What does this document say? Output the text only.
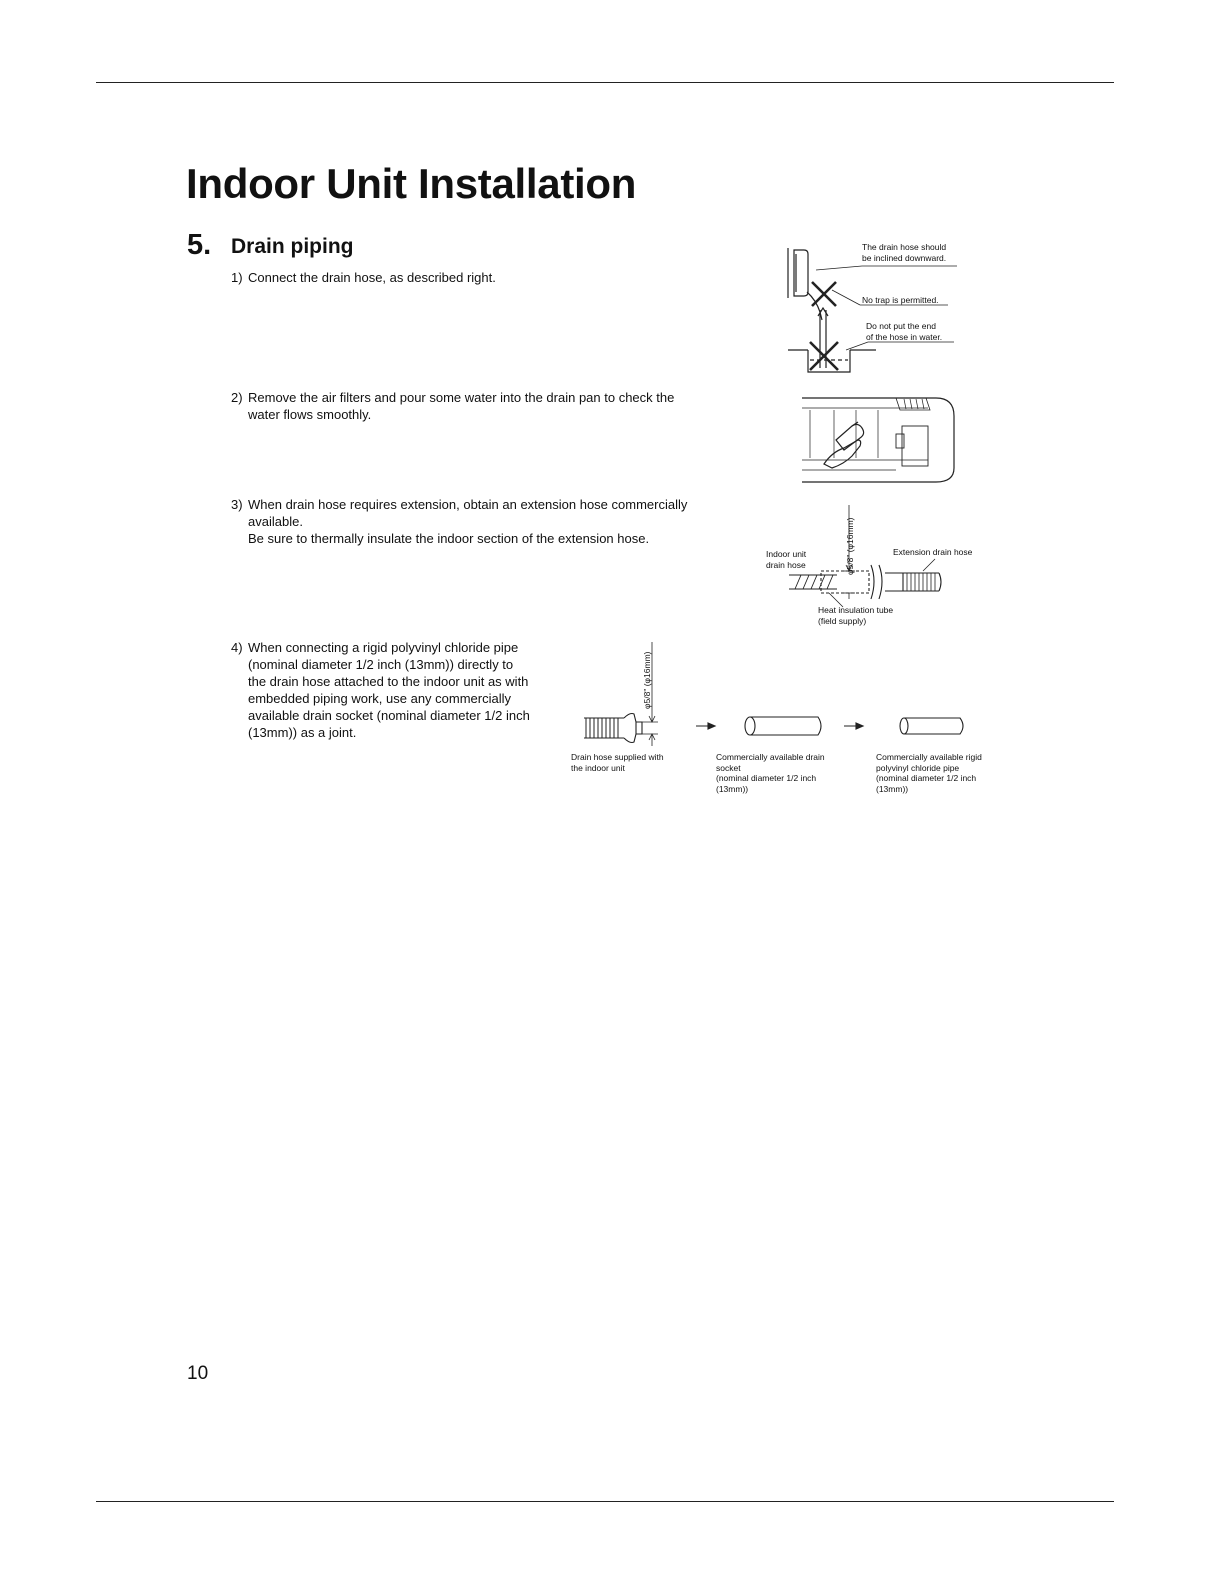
Indoor Unit Installation
5. Drain piping
1) Connect the drain hose, as described right.
2) Remove the air filters and pour some water into the drain pan to check the
water flows smoothly.
3) When drain hose requires extension, obtain an extension hose commercially
available.
Be sure to thermally insulate the indoor section of the extension hose.
4) When connecting a rigid polyvinyl chloride pipe
(nominal diameter 1/2 inch (13mm)) directly to
the drain hose attached to the indoor unit as with
embedded piping work, use any commercially
available drain socket (nominal diameter 1/2 inch
(13mm)) as a joint.
The drain hose should
be inclined downward.
No trap is permitted.
Do not put the end
of the hose in water.
Indoor unit
drain hose	φ5/8" (φ16mm)	Extension drain hose
Heat insulation tube
(field supply)
φ5/8" (φ16mm)
Drain hose supplied with
the indoor unit
Commercially available drain
socket
(nominal diameter 1/2 inch
(13mm))
Commercially available rigid
polyvinyl chloride pipe
(nominal diameter 1/2 inch
(13mm))
10
